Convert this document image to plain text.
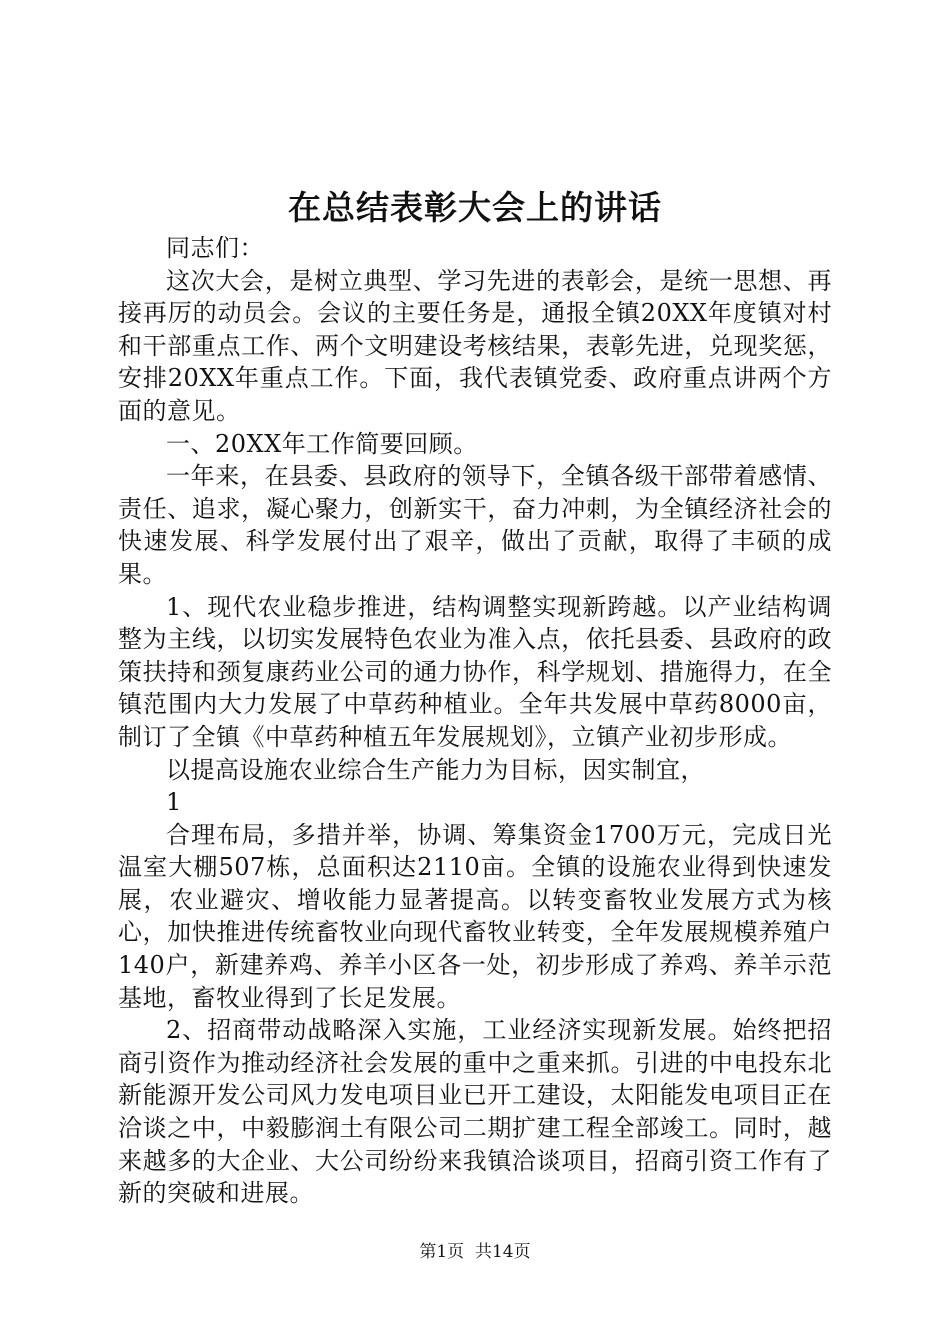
在总结表彰大会上的讲话

同志们：

这次大会，是树立典型、学习先进的表彰会，是统一思想、再接再厉的动员会。会议的主要任务是，通报全镇20XX年度镇对村和干部重点工作、两个文明建设考核结果，表彰先进，兑现奖惩，安排20XX年重点工作。下面，我代表镇党委、政府重点讲两个方面的意见。

一、20XX年工作简要回顾。

一年来，在县委、县政府的领导下，全镇各级干部带着感情、责任、追求，凝心聚力，创新实干，奋力冲刺，为全镇经济社会的快速发展、科学发展付出了艰辛，做出了贡献，取得了丰硕的成果。

1、现代农业稳步推进，结构调整实现新跨越。以产业结构调整为主线，以切实发展特色农业为准入点，依托县委、县政府的政策扶持和颈复康药业公司的通力协作，科学规划、措施得力，在全镇范围内大力发展了中草药种植业。全年共发展中草药8000亩，制订了全镇《中草药种植五年发展规划》，立镇产业初步形成。

以提高设施农业综合生产能力为目标，因实制宜，

1

合理布局，多措并举，协调、筹集资金1700万元，完成日光温室大棚507栋，总面积达2110亩。全镇的设施农业得到快速发展，农业避灾、增收能力显著提高。以转变畜牧业发展方式为核心，加快推进传统畜牧业向现代畜牧业转变，全年发展规模养殖户140户，新建养鸡、养羊小区各一处，初步形成了养鸡、养羊示范基地，畜牧业得到了长足发展。

2、招商带动战略深入实施，工业经济实现新发展。始终把招商引资作为推动经济社会发展的重中之重来抓。引进的中电投东北新能源开发公司风力发电项目业已开工建设，太阳能发电项目正在洽谈之中，中毅膨润土有限公司二期扩建工程全部竣工。同时，越来越多的大企业、大公司纷纷来我镇洽谈项目，招商引资工作有了新的突破和进展。

第1页  共14页
